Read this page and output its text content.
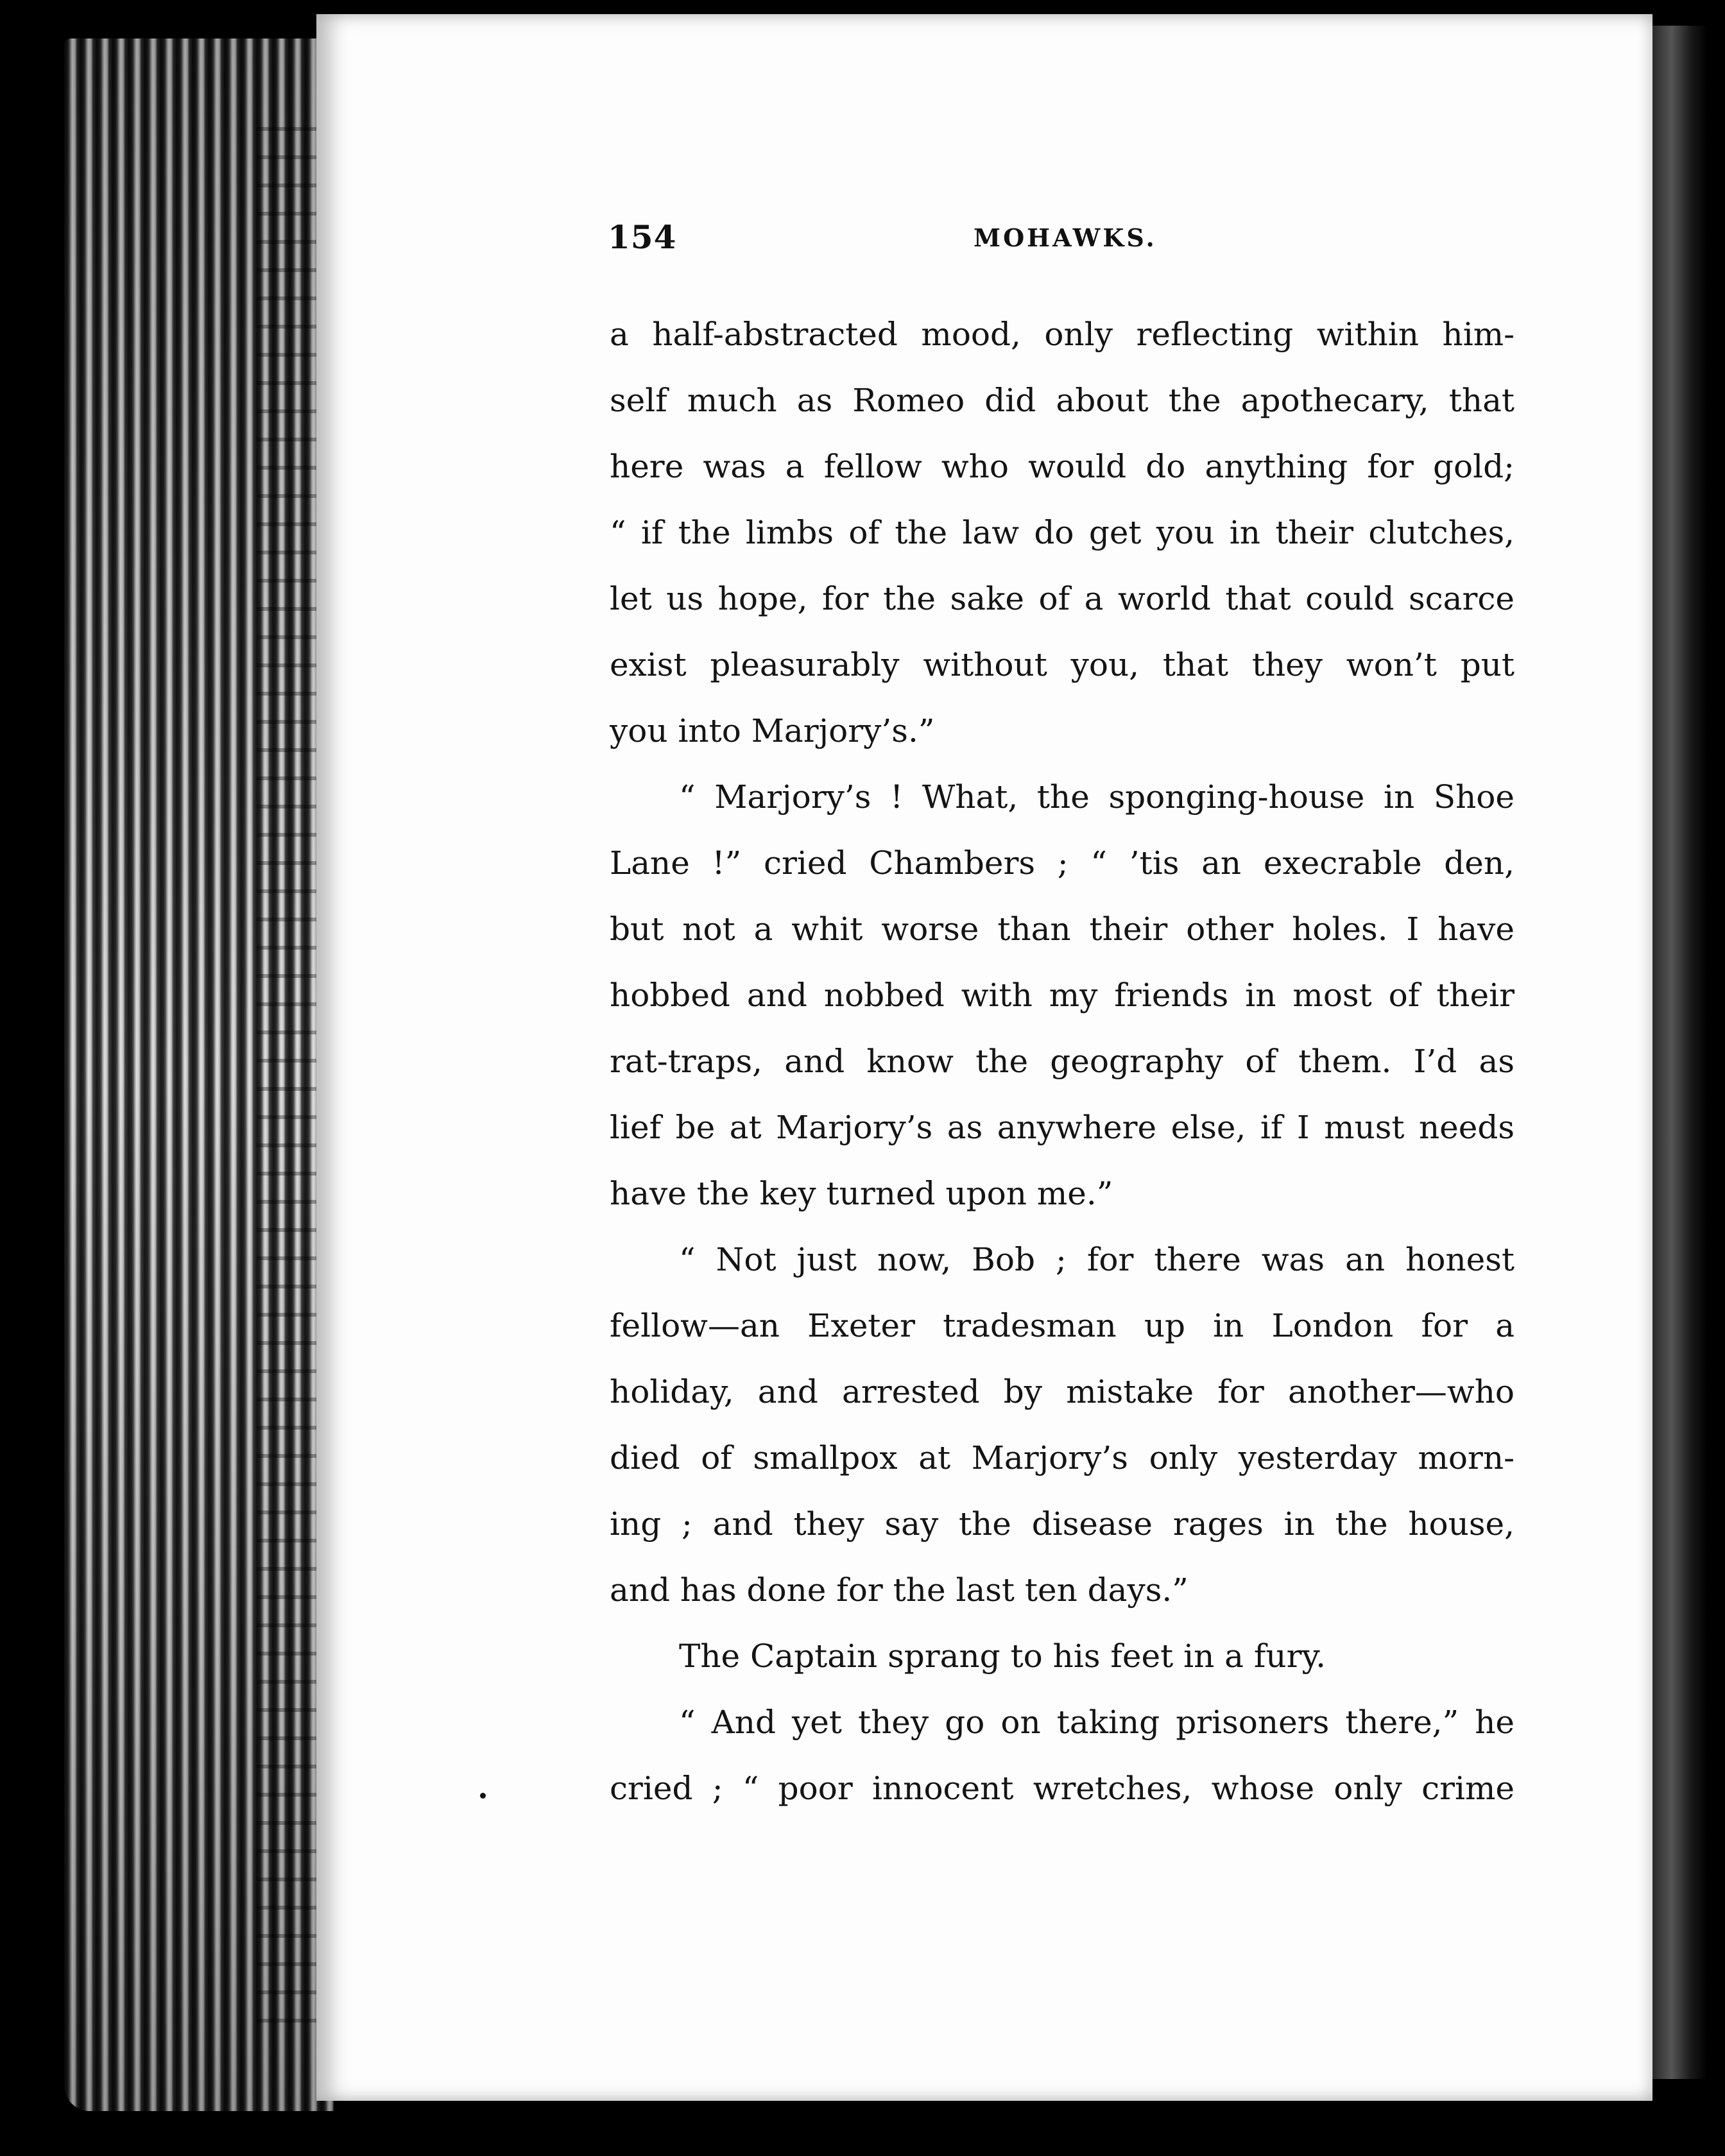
154	MOHAWKS.
a half-abstracted mood, only reflecting within him-
self much as Romeo did about the apothecary, that
here was a fellow who would do anything for gold;
“ if the limbs of the law do get you in their clutches,
let us hope, for the sake of a world that could scarce
exist pleasurably without you, that they won’t put
you into Marjory’s.”
“ Marjory’s ! What, the sponging-house in Shoe
Lane !” cried Chambers ; “ ’tis an execrable den,
but not a whit worse than their other holes. I have
hobbed and nobbed with my friends in most of their
rat-traps, and know the geography of them. I’d as
lief be at Marjory’s as anywhere else, if I must needs
have the key turned upon me.”
“ Not just now, Bob ; for there was an honest
fellow—an Exeter tradesman up in London for a
holiday, and arrested by mistake for another—who
died of smallpox at Marjory’s only yesterday morn-
ing ; and they say the disease rages in the house,
and has done for the last ten days.”
The Captain sprang to his feet in a fury.
“ And yet they go on taking prisoners there,” he
cried ; “ poor innocent wretches, whose only crime
